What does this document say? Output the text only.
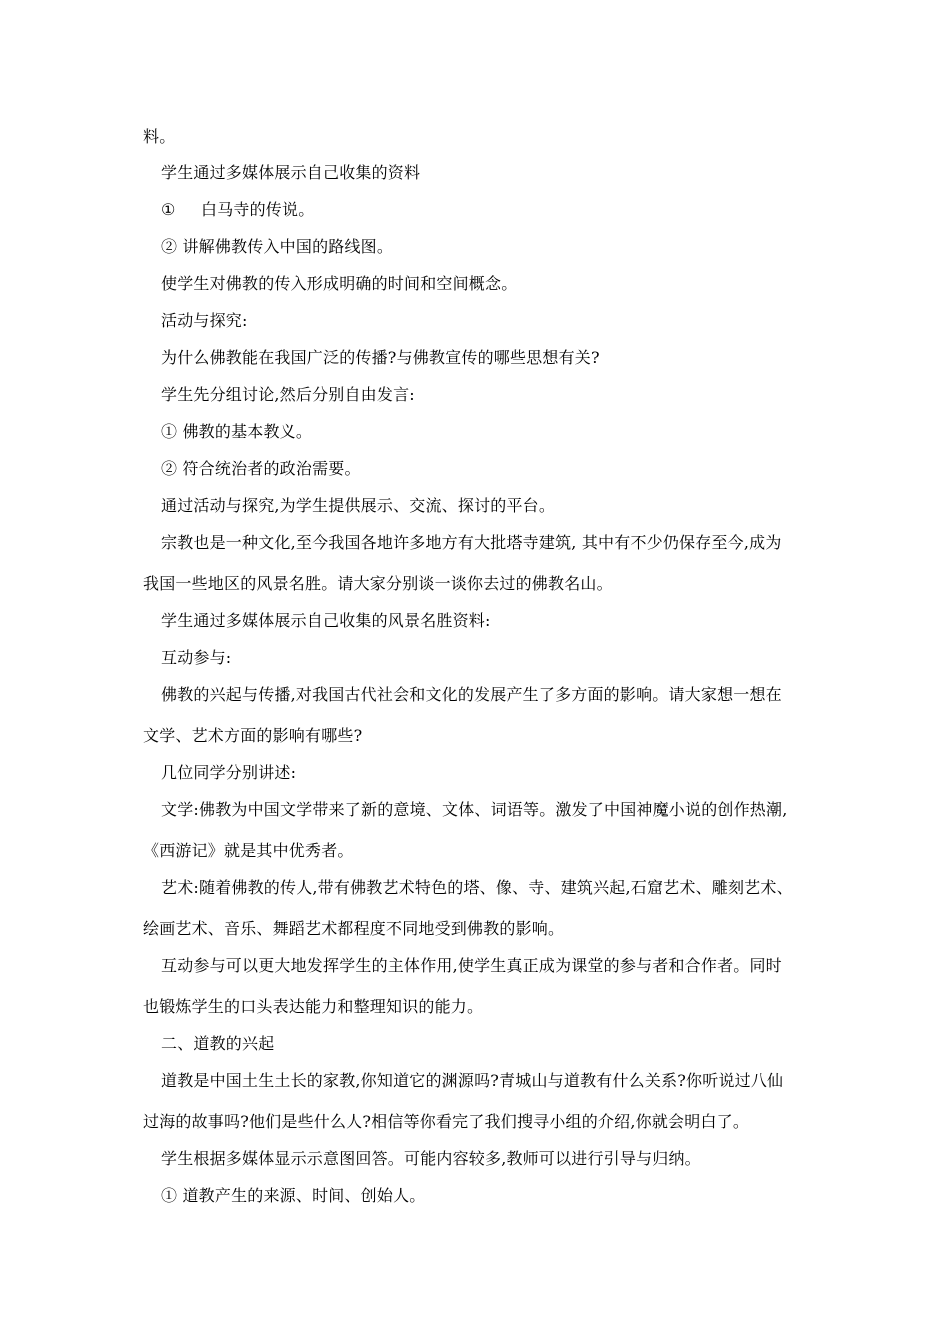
料。
学生通过多媒体展示自己收集的资料
① 白马寺的传说。
② 讲解佛教传入中国的路线图。
使学生对佛教的传入形成明确的时间和空间概念。
活动与探究:
为什么佛教能在我国广泛的传播?与佛教宣传的哪些思想有关?
学生先分组讨论,然后分别自由发言:
① 佛教的基本教义。
② 符合统治者的政治需要。
通过活动与探究,为学生提供展示、交流、探讨的平台。
宗教也是一种文化,至今我国各地许多地方有大批塔寺建筑, 其中有不少仍保存至今,成为
我国一些地区的风景名胜。请大家分别谈一谈你去过的佛教名山。
学生通过多媒体展示自己收集的风景名胜资料:
互动参与:
佛教的兴起与传播,对我国古代社会和文化的发展产生了多方面的影响。请大家想一想在
文学、艺术方面的影响有哪些?
几位同学分别讲述:
文学:佛教为中国文学带来了新的意境、文体、词语等。激发了中国神魔小说的创作热潮,
《西游记》就是其中优秀者。
艺术:随着佛教的传人,带有佛教艺术特色的塔、像、寺、建筑兴起,石窟艺术、雕刻艺术、
绘画艺术、音乐、舞蹈艺术都程度不同地受到佛教的影响。
互动参与可以更大地发挥学生的主体作用,使学生真正成为课堂的参与者和合作者。同时
也锻炼学生的口头表达能力和整理知识的能力。
二、道教的兴起
道教是中国土生土长的家教,你知道它的渊源吗?青城山与道教有什么关系?你听说过八仙
过海的故事吗?他们是些什么人?相信等你看完了我们搜寻小组的介绍,你就会明白了。
学生根据多媒体显示示意图回答。可能内容较多,教师可以进行引导与归纳。
① 道教产生的来源、时间、创始人。
